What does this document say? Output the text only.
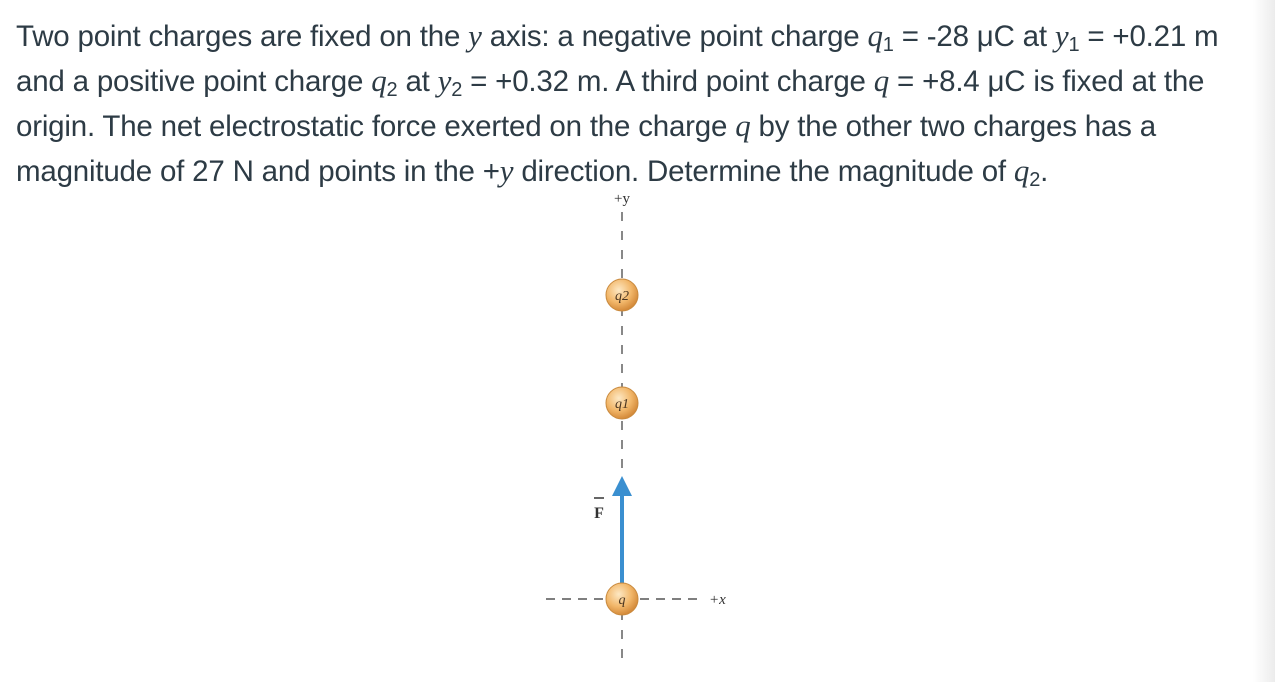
Two point charges are fixed on the y axis: a negative point charge $q_1 = -28$ μC at $y_1 = +0.21$ m and a positive point charge $q_2$ at $y_2 = +0.32$ m. A third point charge q = +8.4 μC is fixed at the origin. The net electrostatic force exerted on the charge q by the other two charges has a magnitude of 27 N and points in the +y direction. Determine the magnitude of $q_2$.
+y
+x
F
q2
q1
q
